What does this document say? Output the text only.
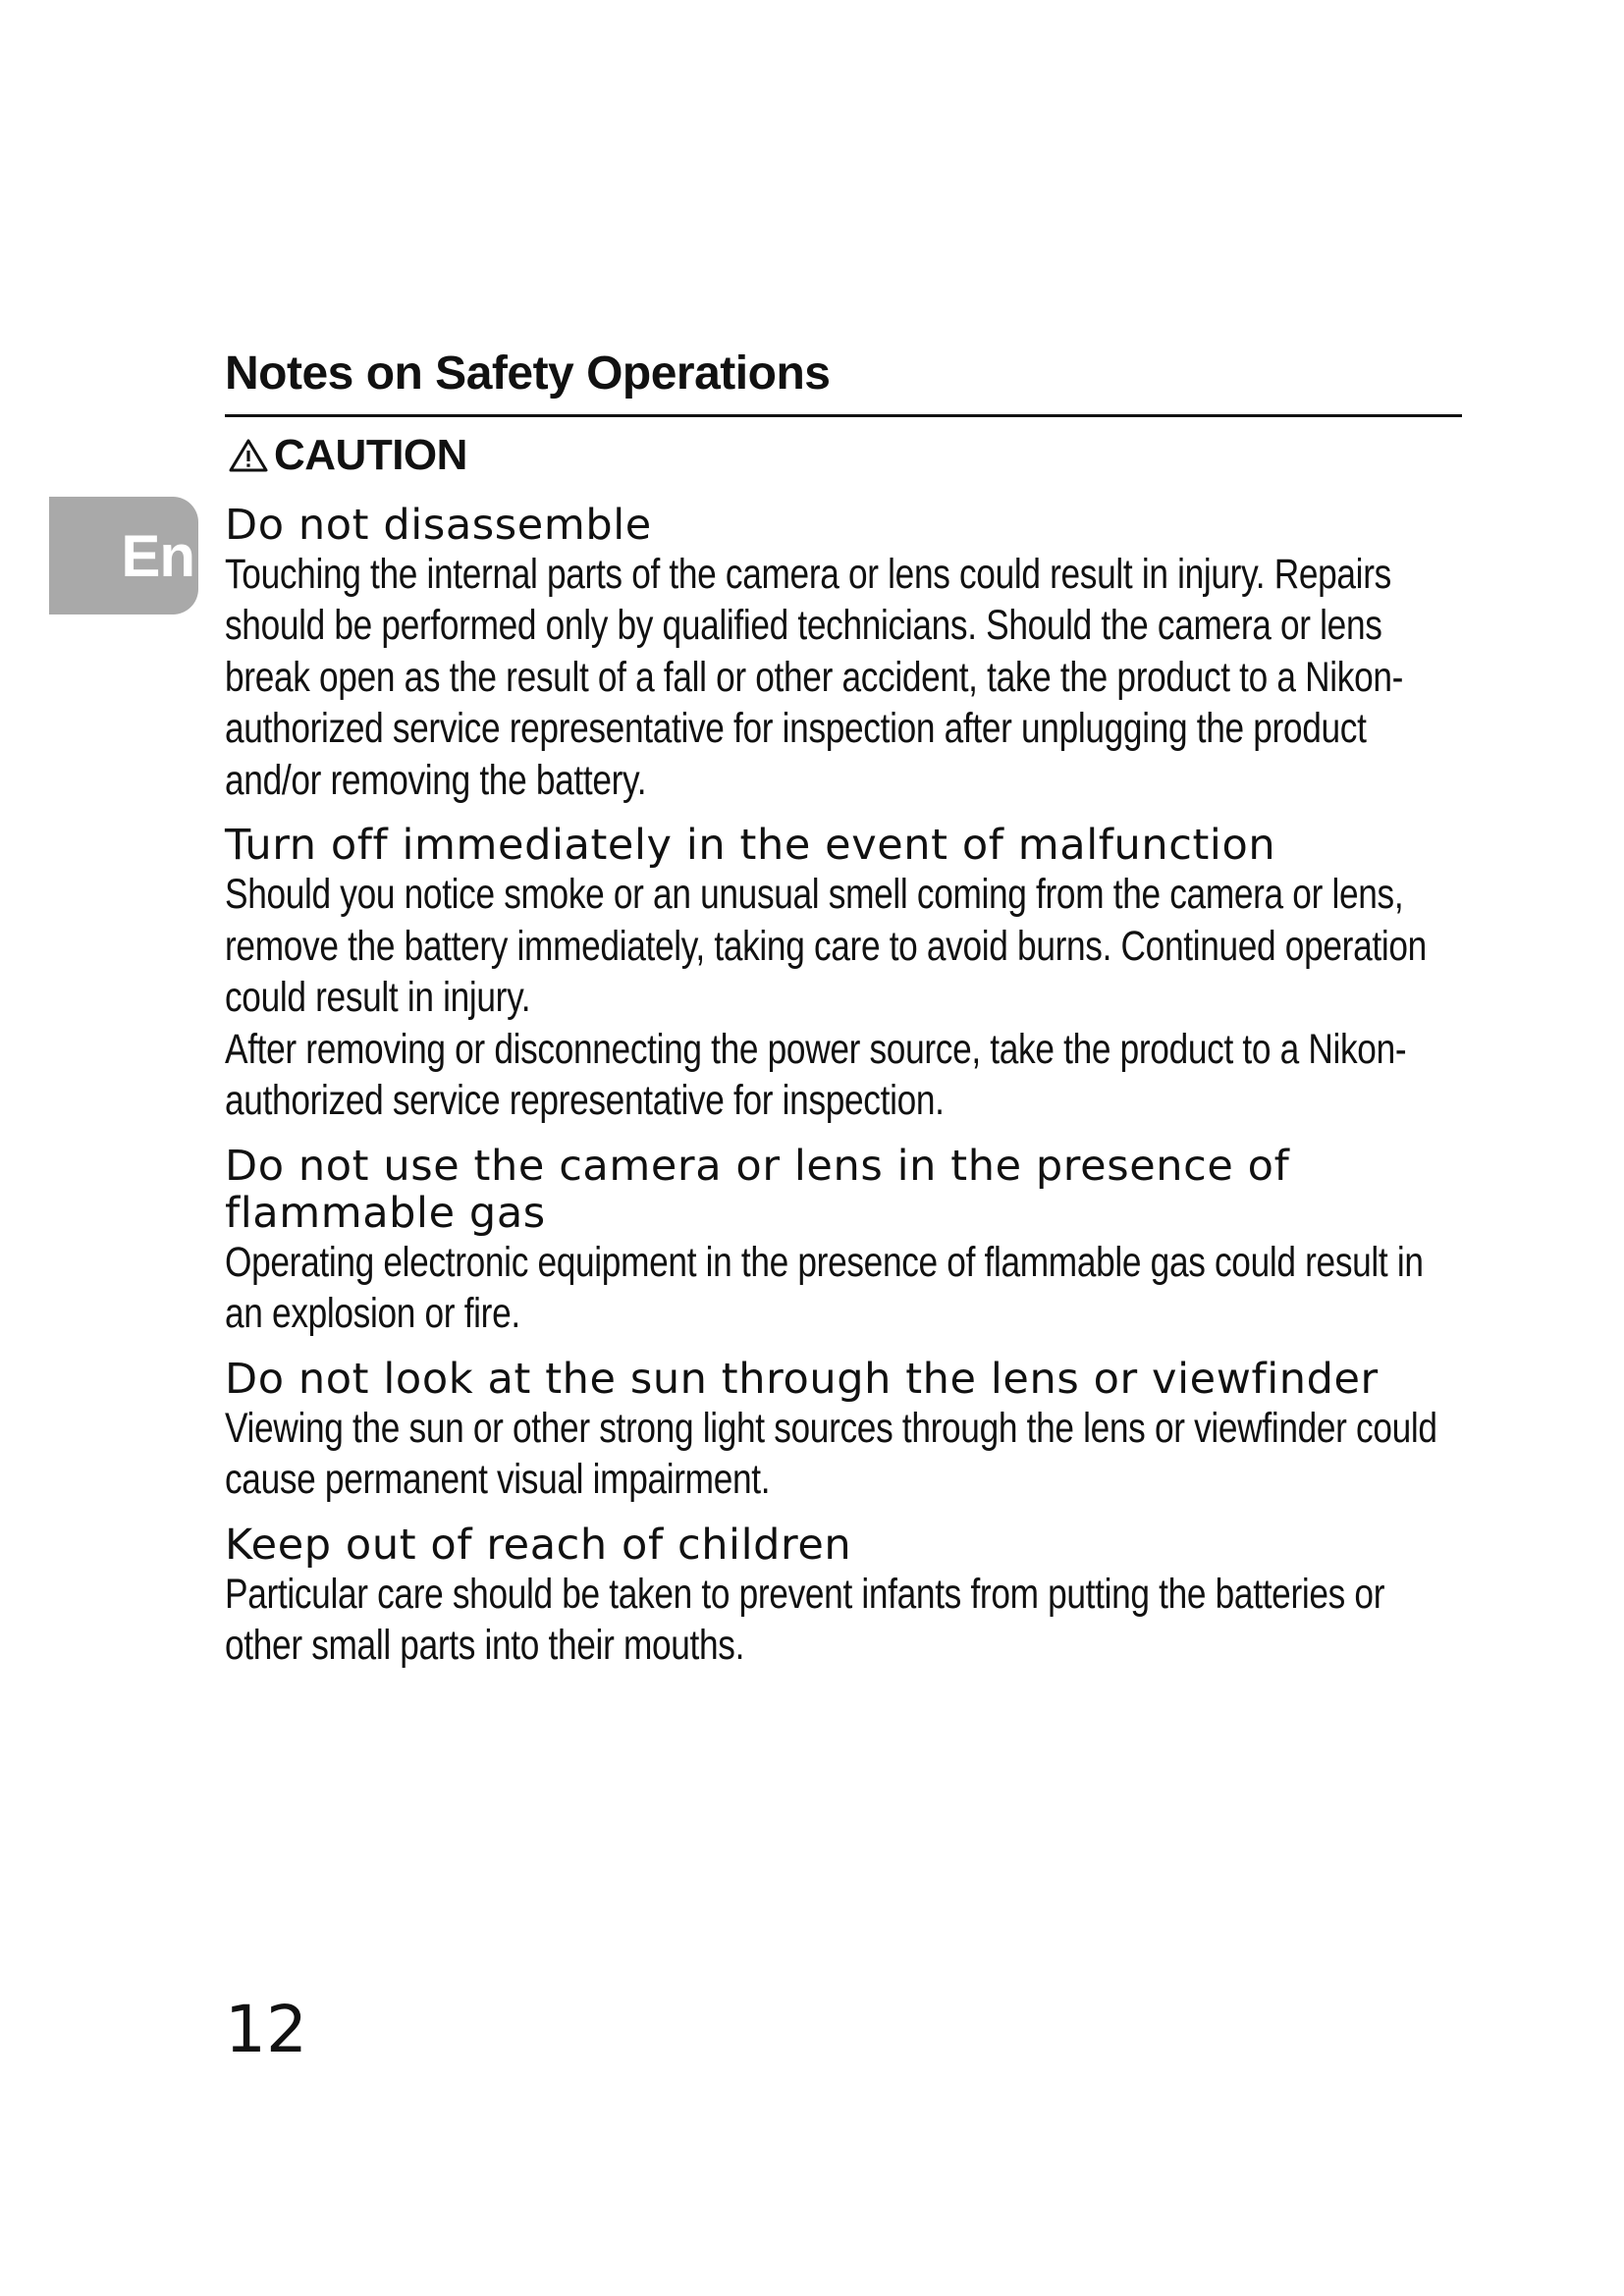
En
Notes on Safety Operations
CAUTION
Do not disassemble

Touching the internal parts of the camera or lens could result in injury. Repairs should be performed only by qualified technicians. Should the camera or lens break open as the result of a fall or other accident, take the product to a Nikon-authorized service representative for inspection after unplugging the product and/or removing the battery.

Turn off immediately in the event of malfunction

Should you notice smoke or an unusual smell coming from the camera or lens, remove the battery immediately, taking care to avoid burns. Continued operation could result in injury.

After removing or disconnecting the power source, take the product to a Nikon-authorized service representative for inspection.

Do not use the camera or lens in the presence of flammable gas

Operating electronic equipment in the presence of flammable gas could result in an explosion or fire.

Do not look at the sun through the lens or viewfinder

Viewing the sun or other strong light sources through the lens or viewfinder could cause permanent visual impairment.

Keep out of reach of children

Particular care should be taken to prevent infants from putting the batteries or other small parts into their mouths.

12
